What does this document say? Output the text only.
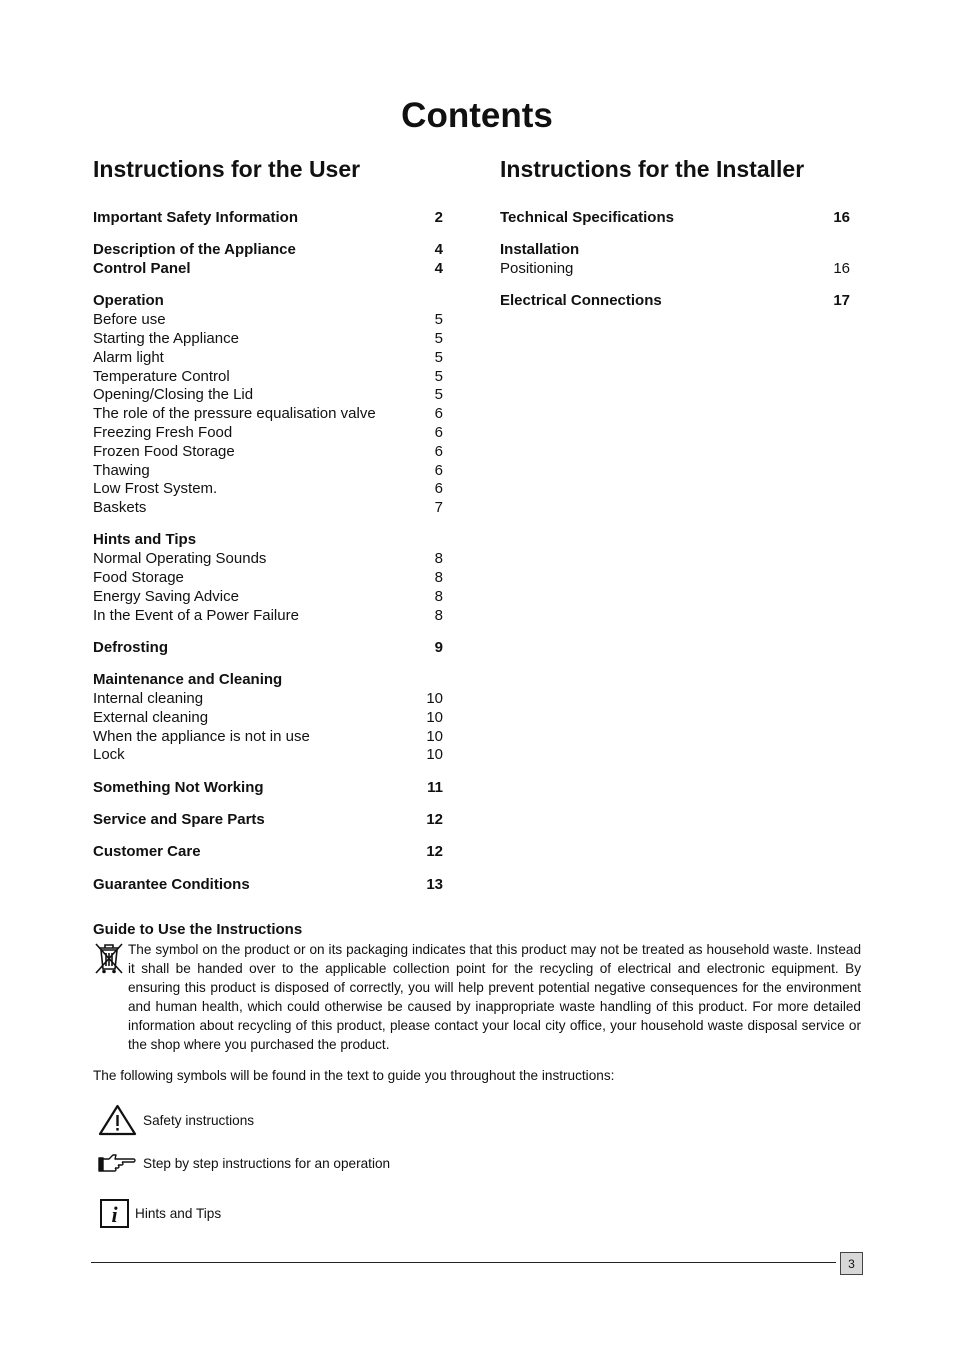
Contents
Instructions for the User
Important Safety Information	2
Description of the Appliance	4
Control Panel	4
Operation
Before use	5
Starting the Appliance	5
Alarm light	5
Temperature Control	5
Opening/Closing the Lid	5
The role of the pressure equalisation valve	6
Freezing Fresh Food	6
Frozen Food Storage	6
Thawing	6
Low Frost System.	6
Baskets	7
Hints and Tips
Normal Operating Sounds	8
Food Storage	8
Energy Saving Advice	8
In the Event of a Power Failure	8
Defrosting	9
Maintenance and Cleaning
Internal cleaning	10
External cleaning	10
When the appliance is not in use	10
Lock	10
Something Not Working	11
Service and Spare Parts	12
Customer Care	12
Guarantee Conditions	13
Instructions for the Installer
Technical Specifications	16
Installation
Positioning	16
Electrical Connections	17
Guide to Use the Instructions

The symbol on the product or on its packaging indicates that this product may not be treated as household waste. Instead it shall be handed over to the applicable collection point for the recycling of electrical and electronic equipment. By ensuring this product is disposed of correctly, you will help prevent potential negative consequences for the environment and human health, which could otherwise be caused by inappropriate waste handling of this product. For more detailed information about recycling of this product, please contact your local city office, your household waste disposal service or the shop where you purchased the product.

The following symbols will be found in the text to guide you throughout the instructions:

Safety instructions
Step by step instructions for an operation
i Hints and Tips
3
